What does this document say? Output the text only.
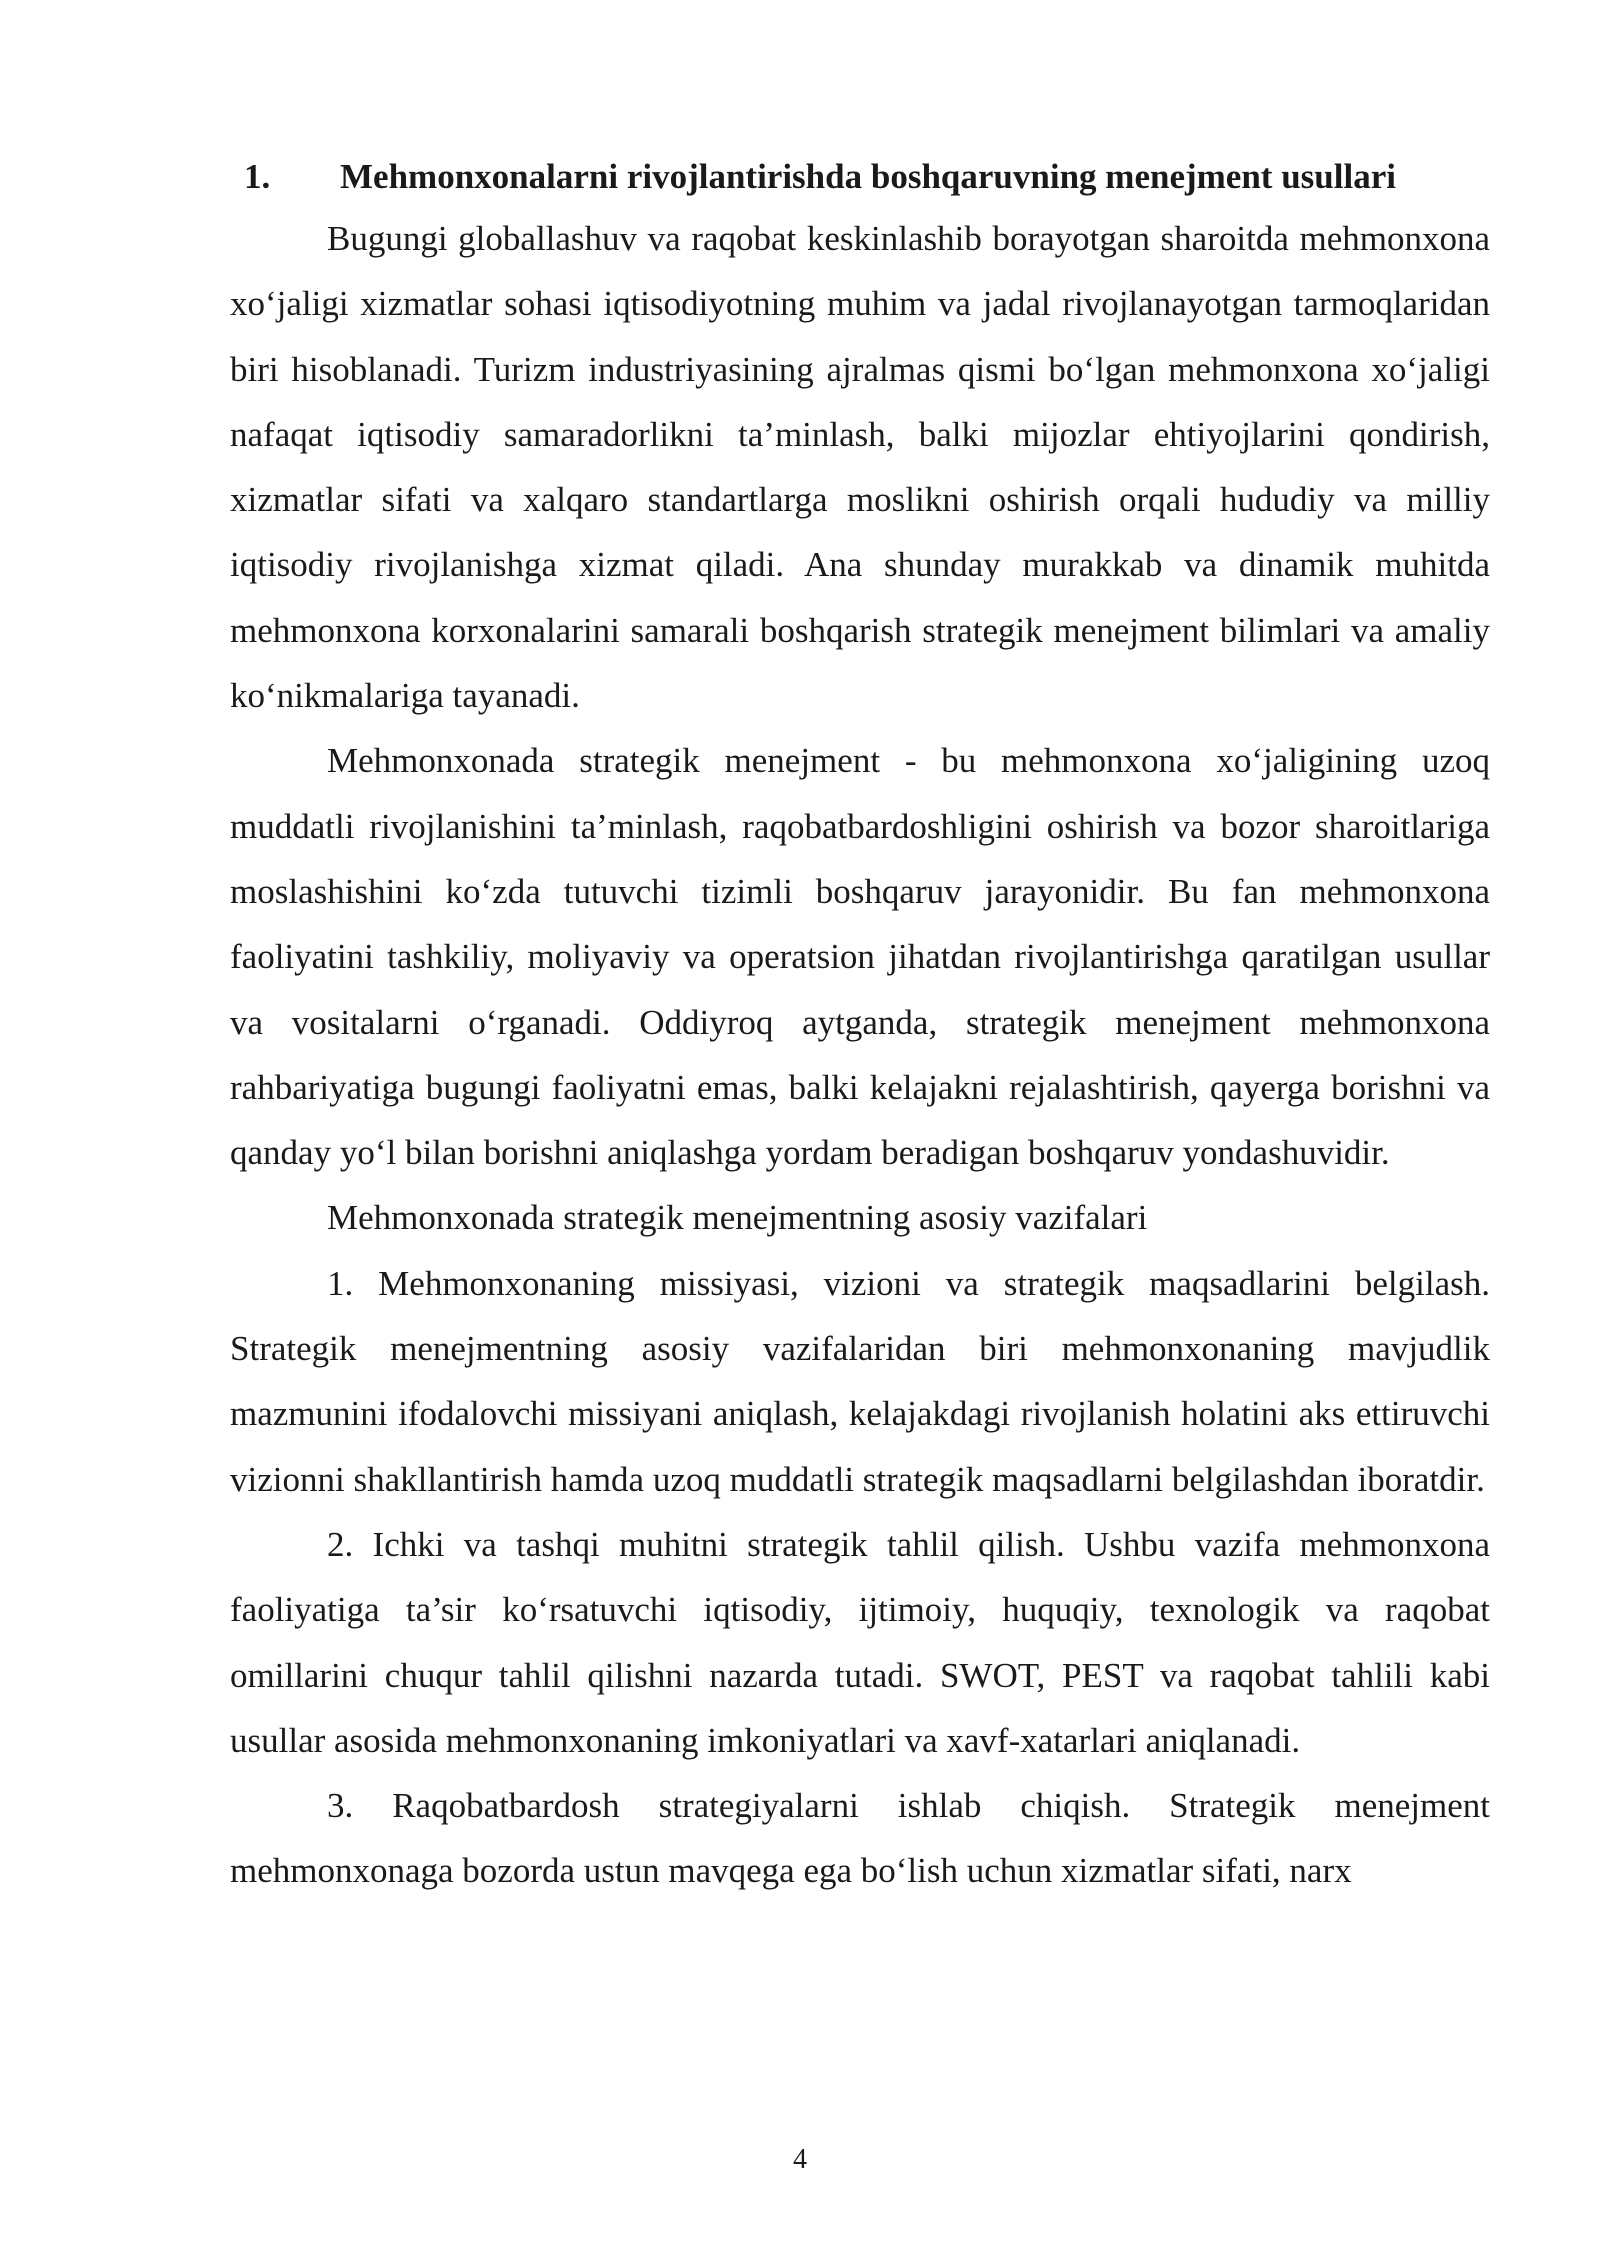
1.	Mehmonxonalarni rivojlantirishda boshqaruvning menejment usullari

Bugungi globallashuv va raqobat keskinlashib borayotgan sharoitda mehmonxona xo‘jaligi xizmatlar sohasi iqtisodiyotning muhim va jadal rivojlanayotgan tarmoqlaridan biri hisoblanadi. Turizm industriyasining ajralmas qismi bo‘lgan mehmonxona xo‘jaligi nafaqat iqtisodiy samaradorlikni ta’minlash, balki mijozlar ehtiyojlarini qondirish, xizmatlar sifati va xalqaro standartlarga moslikni oshirish orqali hududiy va milliy iqtisodiy rivojlanishga xizmat qiladi. Ana shunday murakkab va dinamik muhitda mehmonxona korxonalarini samarali boshqarish strategik menejment bilimlari va amaliy ko‘nikmalariga tayanadi.

Mehmonxonada strategik menejment - bu mehmonxona xo‘jaligining uzoq muddatli rivojlanishini ta’minlash, raqobatbardoshligini oshirish va bozor sharoitlariga moslashishini ko‘zda tutuvchi tizimli boshqaruv jarayonidir. Bu fan mehmonxona faoliyatini tashkiliy, moliyaviy va operatsion jihatdan rivojlantirishga qaratilgan usullar va vositalarni o‘rganadi. Oddiyroq aytganda, strategik menejment mehmonxona rahbariyatiga bugungi faoliyatni emas, balki kelajakni rejalashtirish, qayerga borishni va qanday yo‘l bilan borishni aniqlashga yordam beradigan boshqaruv yondashuvidir.

Mehmonxonada strategik menejmentning asosiy vazifalari

1. Mehmonxonaning missiyasi, vizioni va strategik maqsadlarini belgilash. Strategik menejmentning asosiy vazifalaridan biri mehmonxonaning mavjudlik mazmunini ifodalovchi missiyani aniqlash, kelajakdagi rivojlanish holatini aks ettiruvchi vizionni shakllantirish hamda uzoq muddatli strategik maqsadlarni belgilashdan iboratdir.

2. Ichki va tashqi muhitni strategik tahlil qilish. Ushbu vazifa mehmonxona faoliyatiga ta’sir ko‘rsatuvchi iqtisodiy, ijtimoiy, huquqiy, texnologik va raqobat omillarini chuqur tahlil qilishni nazarda tutadi. SWOT, PEST va raqobat tahlili kabi usullar asosida mehmonxonaning imkoniyatlari va xavf-xatarlari aniqlanadi.

3. Raqobatbardosh strategiyalarni ishlab chiqish. Strategik menejment mehmonxonaga bozorda ustun mavqega ega bo‘lish uchun xizmatlar sifati, narx

4
